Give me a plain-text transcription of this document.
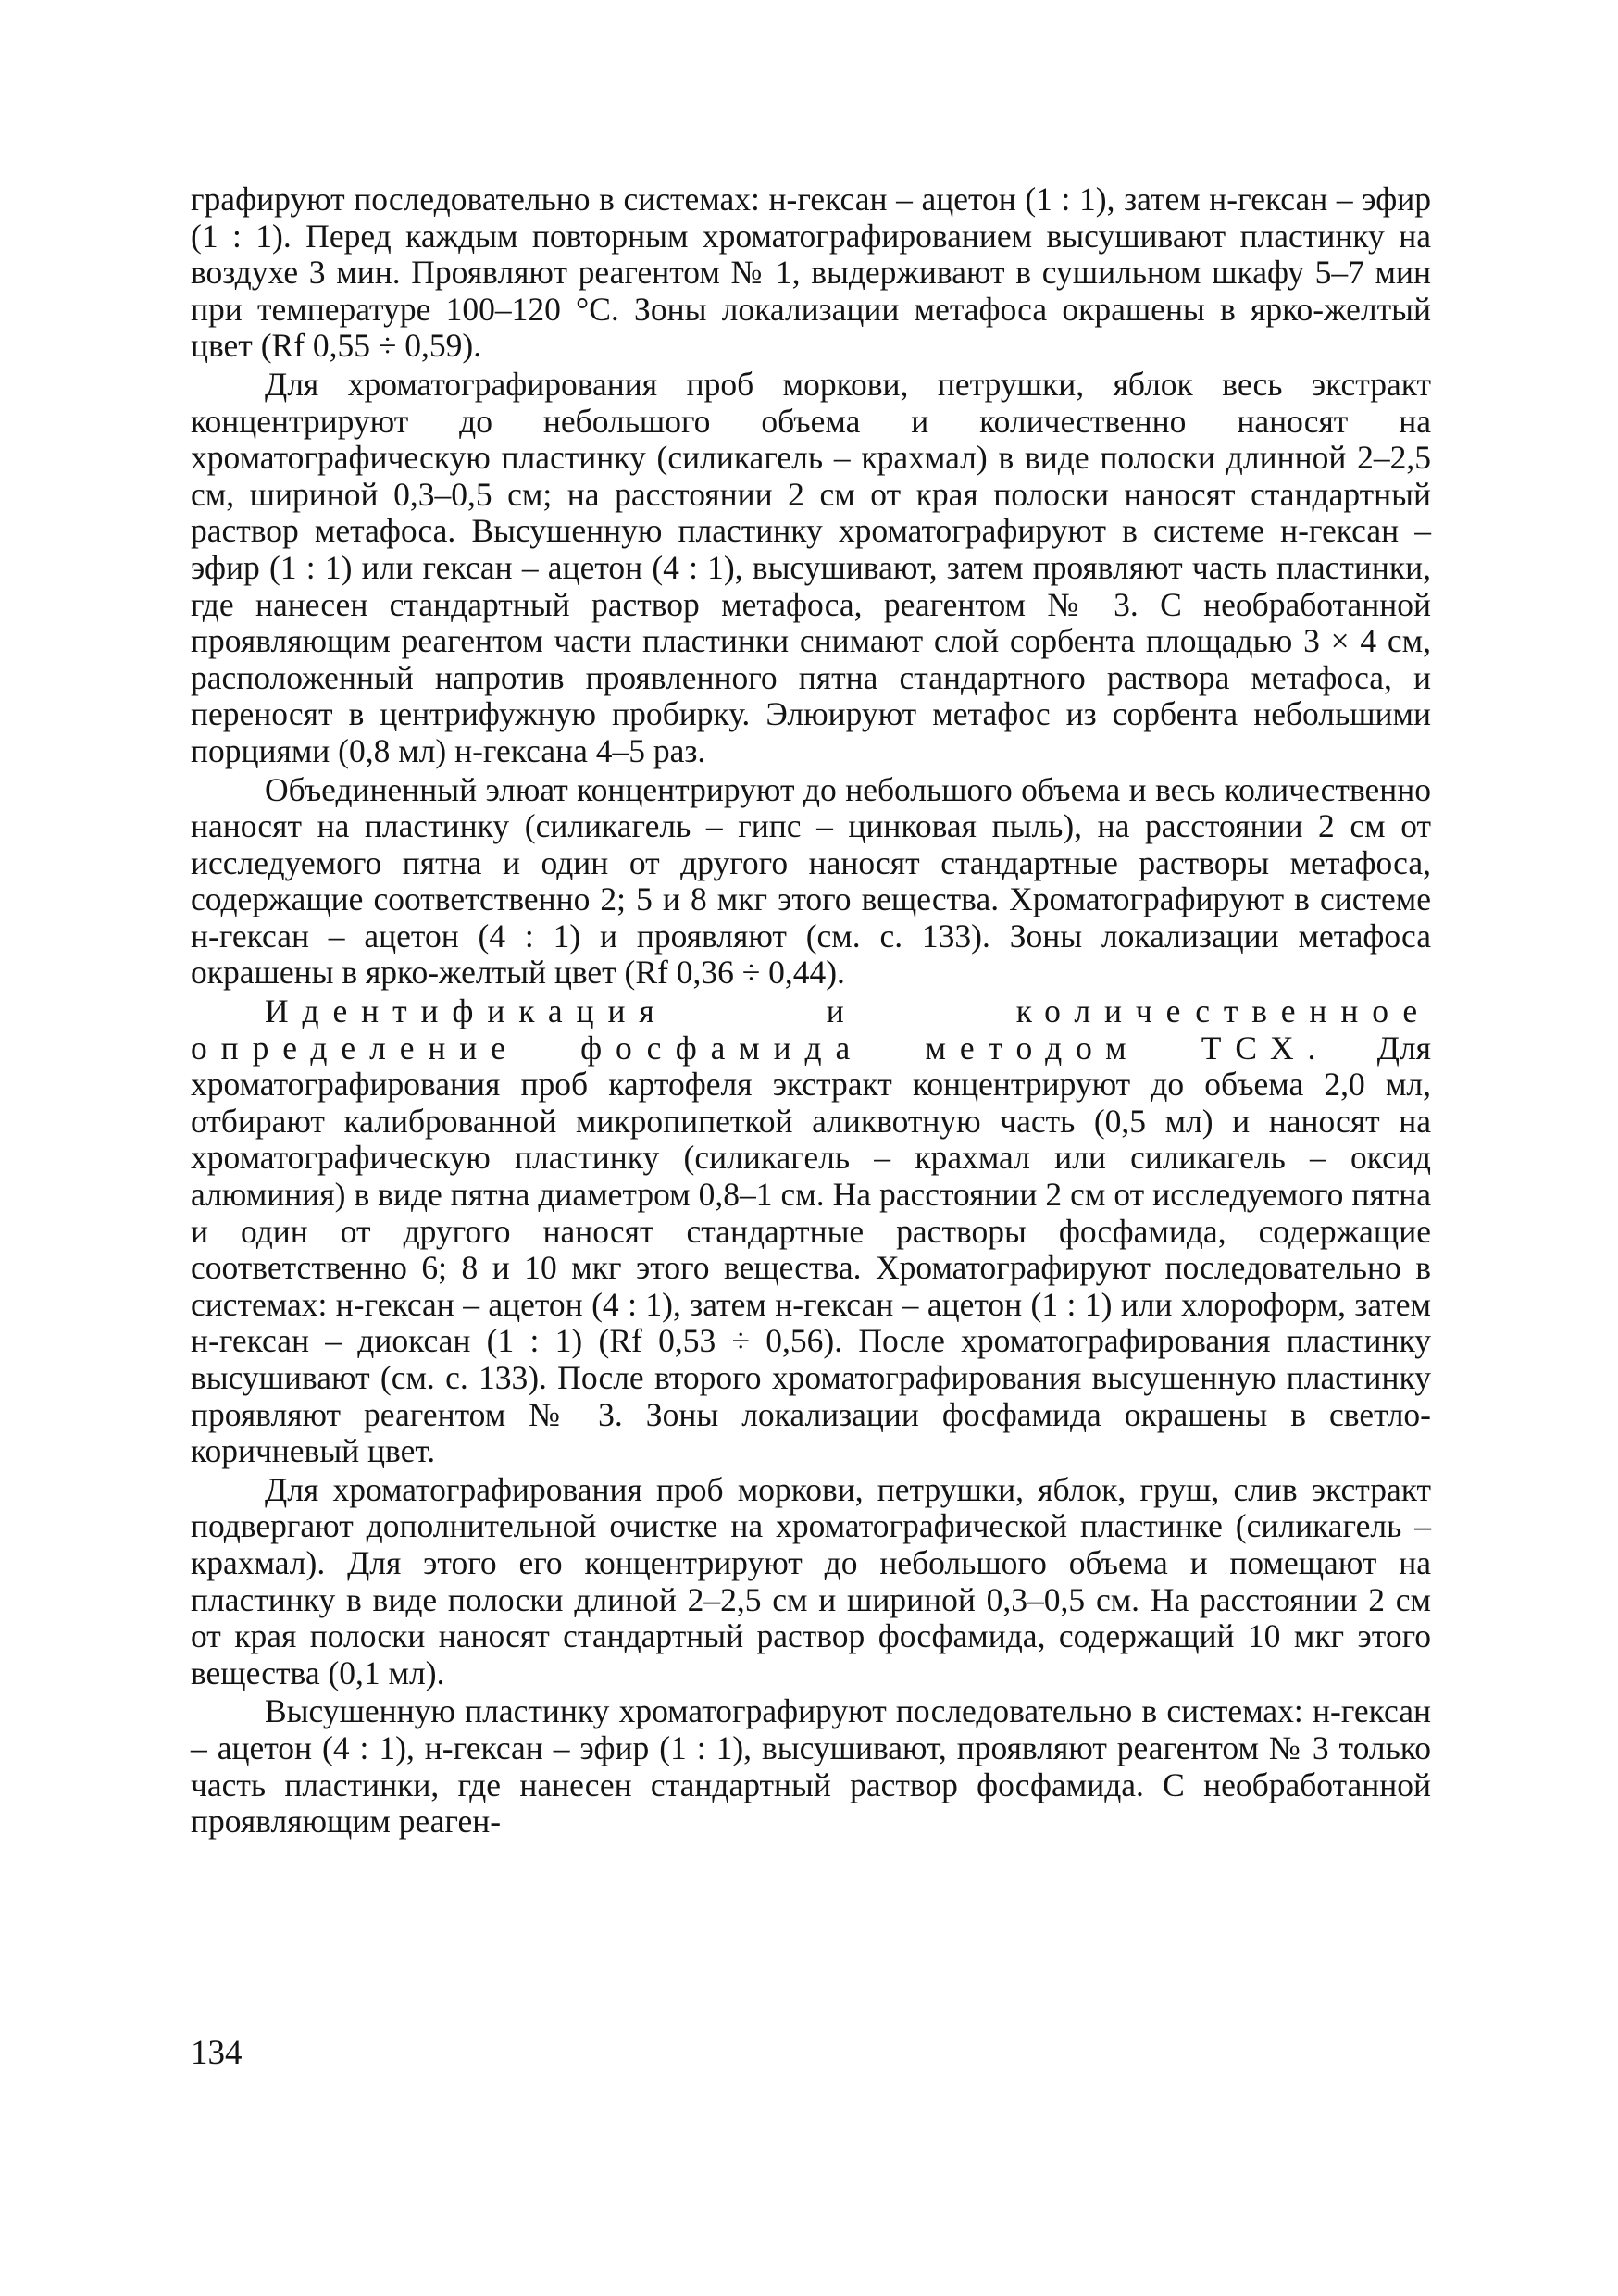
графируют последовательно в системах: н-гексан – ацетон (1 : 1), затем н-гексан – эфир (1 : 1). Перед каждым повторным хроматографированием высушивают пластинку на воздухе 3 мин. Проявляют реагентом № 1, выдерживают в сушильном шкафу 5–7 мин при температуре 100–120 °С. Зоны локализации метафоса окрашены в ярко-желтый цвет (Rf 0,55 ÷ 0,59).

Для хроматографирования проб моркови, петрушки, яблок весь экстракт концентрируют до небольшого объема и количественно наносят на хроматографическую пластинку (силикагель – крахмал) в виде полоски длинной 2–2,5 см, шириной 0,3–0,5 см; на расстоянии 2 см от края полоски наносят стандартный раствор метафоса. Высушенную пластинку хроматографируют в системе н-гексан – эфир (1 : 1) или гексан – ацетон (4 : 1), высушивают, затем проявляют часть пластинки, где нанесен стандартный раствор метафоса, реагентом № 3. С необработанной проявляющим реагентом части пластинки снимают слой сорбента площадью 3 × 4 см, расположенный напротив проявленного пятна стандартного раствора метафоса, и переносят в центрифужную пробирку. Элюируют метафос из сорбента небольшими порциями (0,8 мл) н-гексана 4–5 раз.

Объединенный элюат концентрируют до небольшого объема и весь количественно наносят на пластинку (силикагель – гипс – цинковая пыль), на расстоянии 2 см от исследуемого пятна и один от другого наносят стандартные растворы метафоса, содержащие соответственно 2; 5 и 8 мкг этого вещества. Хроматографируют в системе н-гексан – ацетон (4 : 1) и проявляют (см. с. 133). Зоны локализации метафоса окрашены в ярко-желтый цвет (Rf 0,36 ÷ 0,44).

Идентификация и количественное определение фосфамида методом ТСХ. Для хроматографирования проб картофеля экстракт концентрируют до объема 2,0 мл, отбирают калиброванной микропипеткой аликвотную часть (0,5 мл) и наносят на хроматографическую пластинку (силикагель – крахмал или силикагель – оксид алюминия) в виде пятна диаметром 0,8–1 см. На расстоянии 2 см от исследуемого пятна и один от другого наносят стандартные растворы фосфамида, содержащие соответственно 6; 8 и 10 мкг этого вещества. Хроматографируют последовательно в системах: н-гексан – ацетон (4 : 1), затем н-гексан – ацетон (1 : 1) или хлороформ, затем н-гексан – диоксан (1 : 1) (Rf 0,53 ÷ 0,56). После хроматографирования пластинку высушивают (см. с. 133). После второго хроматографирования высушенную пластинку проявляют реагентом № 3. Зоны локализации фосфамида окрашены в светло-коричневый цвет.

Для хроматографирования проб моркови, петрушки, яблок, груш, слив экстракт подвергают дополнительной очистке на хроматографической пластинке (силикагель – крахмал). Для этого его концентрируют до небольшого объема и помещают на пластинку в виде полоски длиной 2–2,5 см и шириной 0,3–0,5 см. На расстоянии 2 см от края полоски наносят стандартный раствор фосфамида, содержащий 10 мкг этого вещества (0,1 мл).

Высушенную пластинку хроматографируют последовательно в системах: н-гексан – ацетон (4 : 1), н-гексан – эфир (1 : 1), высушивают, проявляют реагентом № 3 только часть пластинки, где нанесен стандартный раствор фосфамида. С необработанной проявляющим реаген-

134
